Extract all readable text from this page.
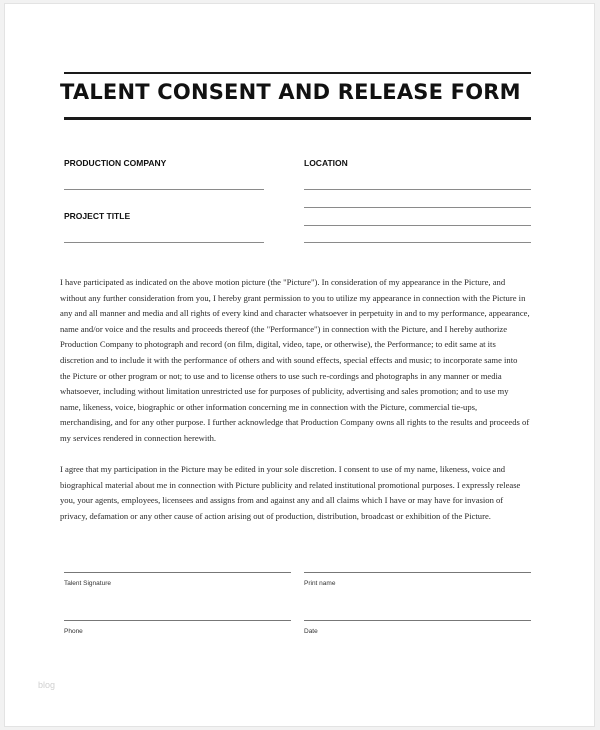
TALENT CONSENT AND RELEASE FORM
PRODUCTION COMPANY	LOCATION
PROJECT TITLE

I have participated as indicated on the above motion picture (the "Picture"). In consideration of my appearance in the Picture, and without any further consideration from you, I hereby grant permission to you to utilize my appearance in connection with the Picture in any and all manner and media and all rights of every kind and character whatsoever in perpetuity in and to my performance, appearance, name and/or voice and the results and proceeds thereof (the "Performance") in connection with the Picture, and I hereby authorize Production Company to photograph and record (on film, digital, video, tape, or otherwise), the Performance; to edit same at its discretion and to include it with the performance of others and with sound effects, special effects and music; to incorporate same into the Picture or other program or not; to use and to license others to use such re-cordings and photographs in any manner or media whatsoever, including without limitation unrestricted use for purposes of publicity, advertising and sales promotion; and to use my name, likeness, voice, biographic or other information concerning me in connection with the Picture, commercial tie-ups, merchandising, and for any other purpose. I further acknowledge that Production Company owns all rights to the results and proceeds of my services rendered in connection herewith.

I agree that my participation in the Picture may be edited in your sole discretion. I consent to use of my name, likeness, voice and biographical material about me in connection with Picture publicity and related institutional promotional purposes. I expressly release you, your agents, employees, licensees and assigns from and against any and all claims which I have or may have for invasion of privacy, defamation or any other cause of action arising out of production, distribution, broadcast or exhibition of the Picture.

Talent Signature	Print name
Phone	Date
blog
